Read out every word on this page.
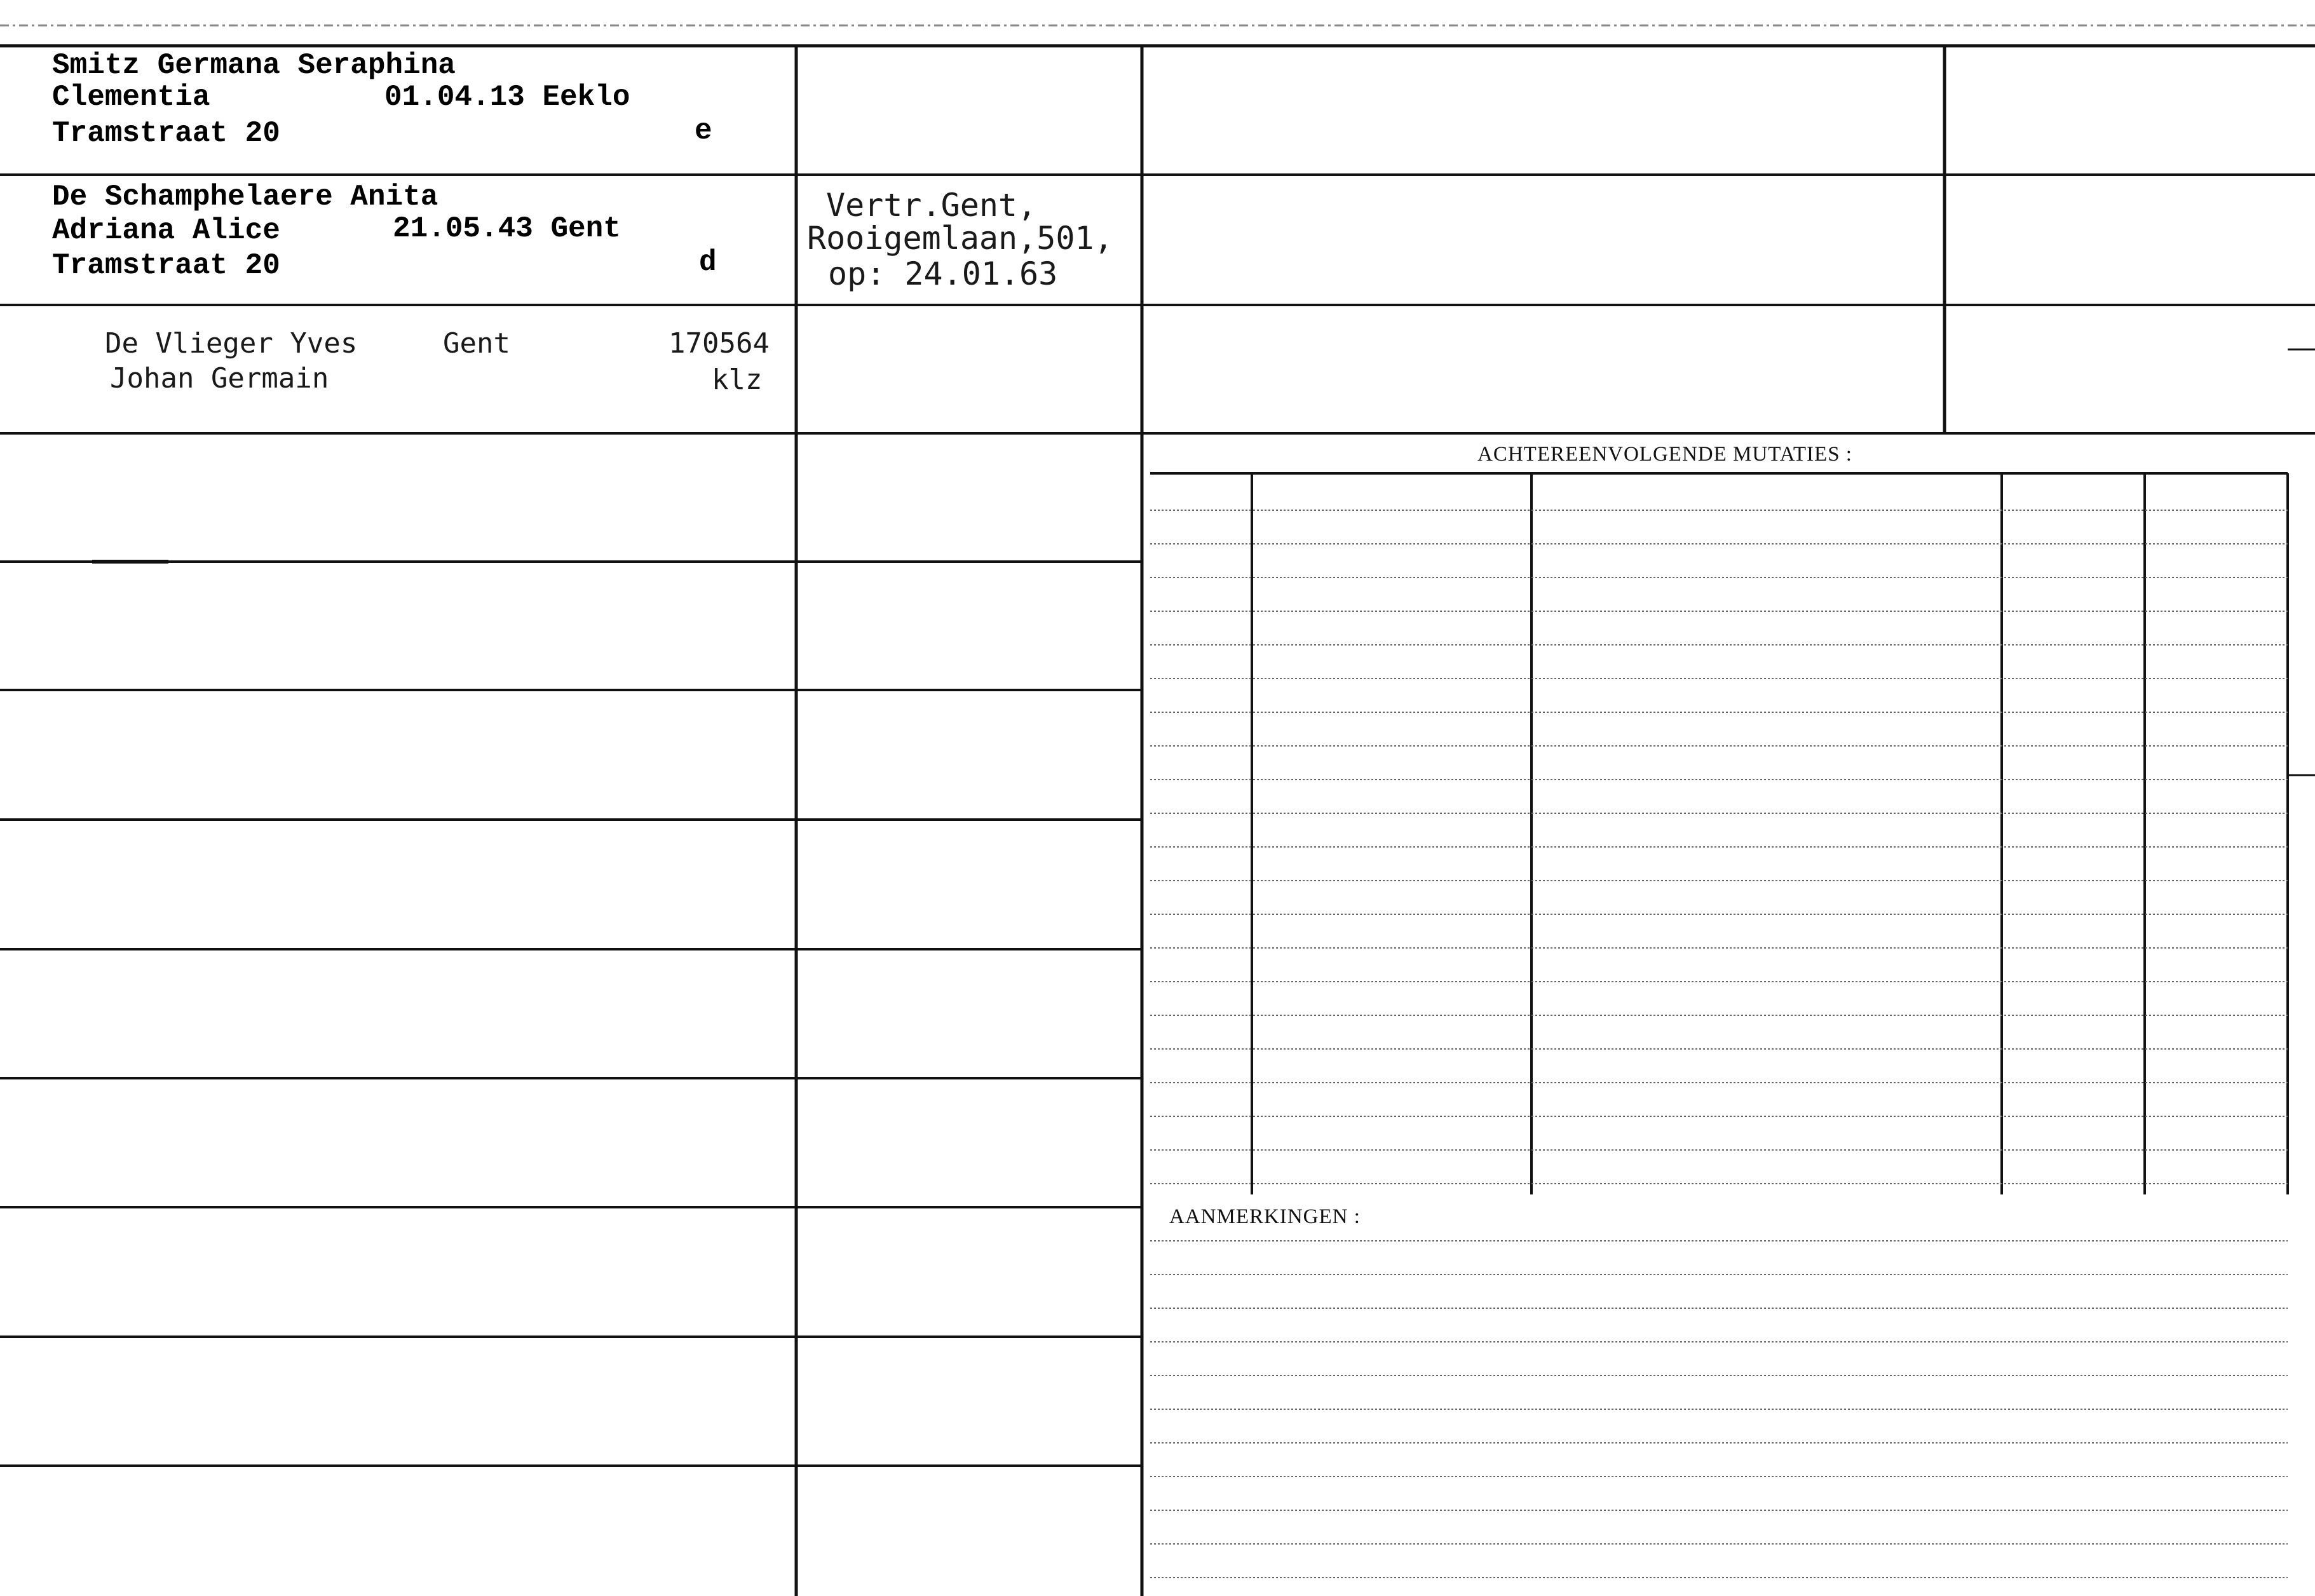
ACHTEREENVOLGENDE MUTATIES :
AANMERKINGEN :
Smitz Germana Seraphina
Clementia	01.04.13 Eeklo
Tramstraat 20	e
De Schamphelaere Anita
Adriana Alice	21.05.43 Gent
Tramstraat 20	d
Vertr.Gent,
Rooigemlaan,501,
op: 24.01.63
De Vlieger Yves	Gent	170564
Johan Germain	klz
